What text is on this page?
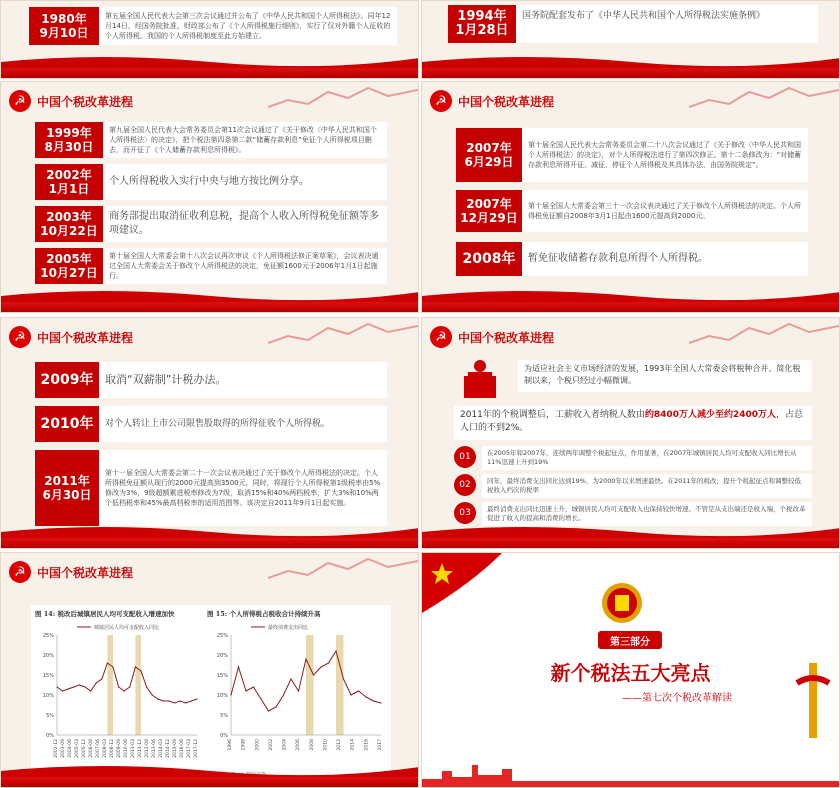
1980年
9月10日
第五届全国人民代表大会第三次会议通过并公布了《中华人民共和国个人所得税法》。同年12月14日，经国务院批准，财政部公布了《个人所得税施行细则》，实行了仅对外籍个人征收的个人所得税。我国的个人所得税制度至此方始建立。
1994年
1月28日
国务院配套发布了《中华人民共和国个人所得税法实施条例》
☭ 中国个税改革进程
1999年
8月30日
第九届全国人民代表大会常务委员会第11次会议通过了《关于修改〈中华人民共和国个人所得税法〉的决定》，把个税法第四条第二款“储蓄存款利息”免征个人所得税项目删去，而开征了《个人储蓄存款利息所得税》。
2002年
1月1日
个人所得税收入实行中央与地方按比例分享。
2003年
10月22日
商务部提出取消征收利息税，提高个人收入所得税免征额等多项建议。
2005年
10月27日
第十届全国人大常委会第十八次会议再次审议《个人所得税法修正案草案》，会议表决通过全国人大常委会关于修改个人所得税法的决定，免征额1600元于2006年1月1日起施行。
☭ 中国个税改革进程
2007年
6月29日
第十届全国人民代表大会常务委员会第二十八次会议通过了《关于修改〈中华人民共和国个人所得税法〉的决定》，对个人所得税法进行了第四次修正。第十二条修改为：“对储蓄存款利息所得开征、减征、停征个人所得税及其具体办法，由国务院规定”。
2007年
12月29日
第十届全国人大常委会第三十一次会议表决通过了关于修改个人所得税法的决定。个人所得税免征额自2008年3月1日起由1600元提高到2000元。
2008年	暂免征收储蓄存款利息所得个人所得税。
☭ 中国个税改革进程
2009年	取消“双薪制”计税办法。
2010年	对个人转让上市公司限售股取得的所得征收个人所得税。
2011年
6月30日
第十一届全国人大常委会第二十一次会议表决通过了关于修改个人所得税法的决定。个人所得税免征额从现行的2000元提高到3500元，同时，将现行个人所得税第1级税率由5%修改为3%，9级超额累进税率修改为7级，取消15%和40%两档税率，扩大3%和10%两个低档税率和45%最高档税率的适用范围等。该决定自2011年9月1日起实施。
☭ 中国个税改革进程
为适应社会主义市场经济的发展，1993年全国人大常委会将税种合并、简化税制以来，个税只经过小幅微调。
2011年的个税调整后，工薪收入者纳税人数由约8400万人减少至约2400万人，占总人口的不到2%。
01	在2005年和2007年，连续两年调整个税起征点，作用显著，在2007年城镇居民人均可支配收入同比增长从11%迅速上升到19%
02	同年，最终消费支出同比达到19%，为2000年以来增速最快。在2011年的税改，提升个税起征点和调整较低税收入档次的税率
03	最终消费支出同比迅速上升，城镇居民人均可支配收入也保持较快增速。不管是从支出端还是收入端，个税改革促进了收入的提高和消费的增长。
☭ 中国个税改革进程
图 14: 税改后城镇居民人均可支配收入增速加快	图 15: 个人所得税占税收合计持续升高
0%
5%
10%
15%
20%
25%
2002-12 2003-09 2004-06 2005-03 2005-12 2006-09 2007-06 2008-03 2008-12 2009-09 2010-06 2011-03 2011-12 2012-09 2013-06 2014-03 2014-12 2015-09 2016-06 2017-03 2017-12
城镇居民人均可支配收入同比
0%
5%
10%
15%
20%
25%
1996 1998 2000 2002 2004 2006 2008 2010 2012 2014 2016 2017
最终消费支出同比
第三部分
新个税法五大亮点
——第七次个税改革解读
